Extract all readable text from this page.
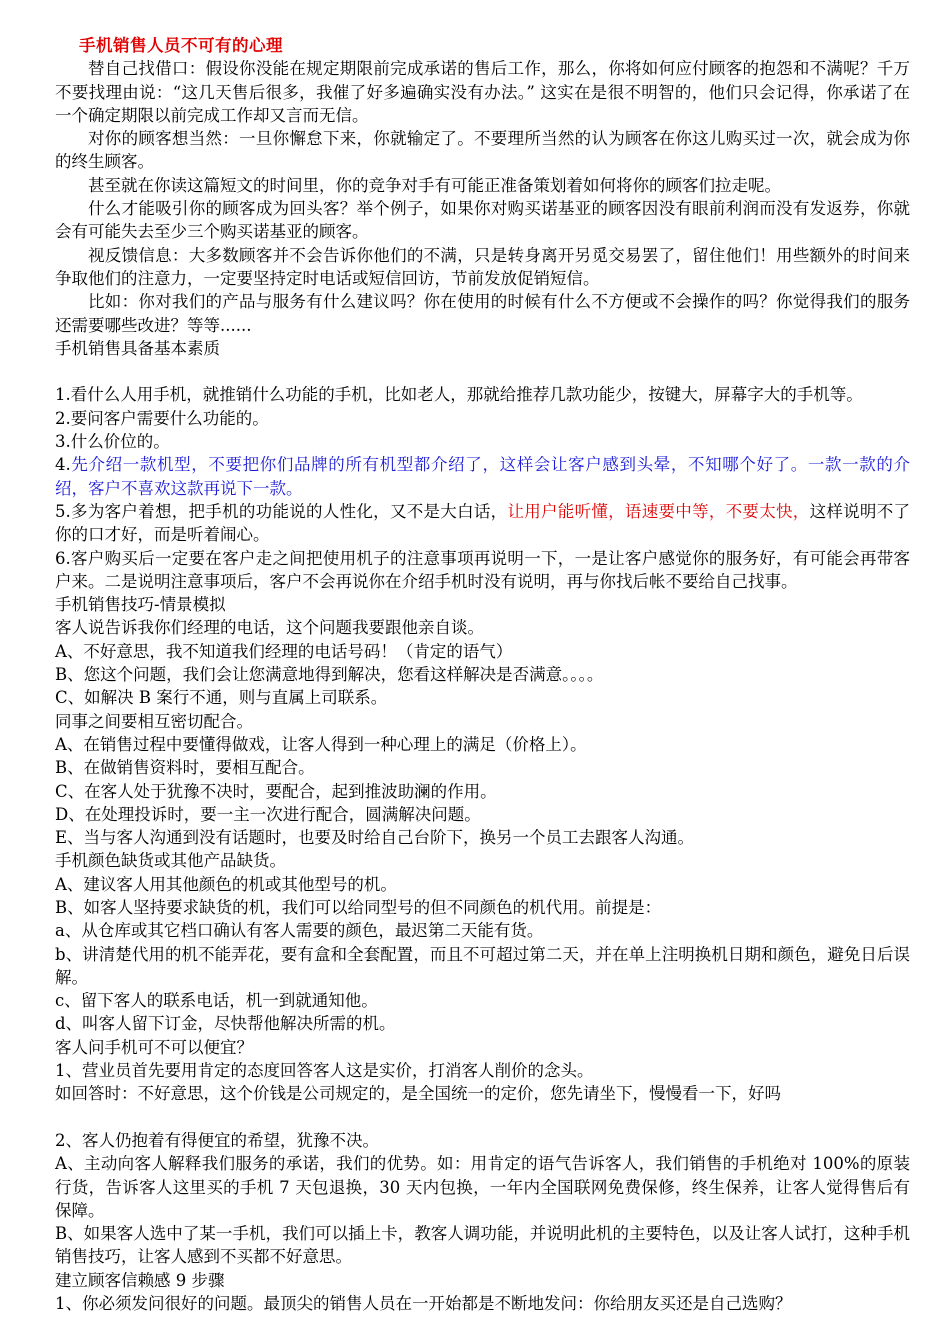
手机销售人员不可有的心理

替自己找借口：假设你没能在规定期限前完成承诺的售后工作，那么，你将如何应付顾客的抱怨和不满呢？千万不要找理由说：“这几天售后很多，我催了好多遍确实没有办法。” 这实在是很不明智的，他们只会记得，你承诺了在一个确定期限以前完成工作却又言而无信。

对你的顾客想当然：一旦你懈怠下来，你就输定了。不要理所当然的认为顾客在你这儿购买过一次，就会成为你的终生顾客。

甚至就在你读这篇短文的时间里，你的竞争对手有可能正准备策划着如何将你的顾客们拉走呢。

什么才能吸引你的顾客成为回头客？举个例子，如果你对购买诺基亚的顾客因没有眼前利润而没有发返券，你就会有可能失去至少三个购买诺基亚的顾客。

视反馈信息：大多数顾客并不会告诉你他们的不满，只是转身离开另觅交易罢了，留住他们！用些额外的时间来争取他们的注意力，一定要坚持定时电话或短信回访，节前发放促销短信。

比如：你对我们的产品与服务有什么建议吗？你在使用的时候有什么不方便或不会操作的吗？你觉得我们的服务还需要哪些改进？等等......

手机销售具备基本素质

1.看什么人用手机，就推销什么功能的手机，比如老人，那就给推荐几款功能少，按键大，屏幕字大的手机等。

2.要问客户需要什么功能的。

3.什么价位的。

4.先介绍一款机型，不要把你们品牌的所有机型都介绍了，这样会让客户感到头晕，不知哪个好了。一款一款的介绍，客户不喜欢这款再说下一款。

5.多为客户着想，把手机的功能说的人性化，又不是大白话，让用户能听懂，语速要中等，不要太快，这样说明不了你的口才好，而是听着闹心。

6.客户购买后一定要在客户走之间把使用机子的注意事项再说明一下，一是让客户感觉你的服务好，有可能会再带客户来。二是说明注意事项后，客户不会再说你在介绍手机时没有说明，再与你找后帐不要给自己找事。

手机销售技巧-情景模拟

客人说告诉我你们经理的电话，这个问题我要跟他亲自谈。

A、不好意思，我不知道我们经理的电话号码！（肯定的语气）

B、您这个问题，我们会让您满意地得到解决，您看这样解决是否满意。。。。

C、如解决 B 案行不通，则与直属上司联系。

同事之间要相互密切配合。

A、在销售过程中要懂得做戏，让客人得到一种心理上的满足（价格上）。

B、在做销售资料时，要相互配合。

C、在客人处于犹豫不决时，要配合，起到推波助澜的作用。

D、在处理投诉时，要一主一次进行配合，圆满解决问题。

E、当与客人沟通到没有话题时，也要及时给自己台阶下，换另一个员工去跟客人沟通。

手机颜色缺货或其他产品缺货。

A、建议客人用其他颜色的机或其他型号的机。

B、如客人坚持要求缺货的机，我们可以给同型号的但不同颜色的机代用。前提是：

a、从仓库或其它档口确认有客人需要的颜色，最迟第二天能有货。

b、讲清楚代用的机不能弄花，要有盒和全套配置，而且不可超过第二天，并在单上注明换机日期和颜色，避免日后误解。

c、留下客人的联系电话，机一到就通知他。

d、叫客人留下订金，尽快帮他解决所需的机。

客人问手机可不可以便宜？

1、营业员首先要用肯定的态度回答客人这是实价，打消客人削价的念头。

如回答时：不好意思，这个价钱是公司规定的，是全国统一的定价，您先请坐下，慢慢看一下，好吗

2、客人仍抱着有得便宜的希望，犹豫不决。

A、主动向客人解释我们服务的承诺，我们的优势。如：用肯定的语气告诉客人，我们销售的手机绝对 100%的原装行货，告诉客人这里买的手机 7 天包退换，30 天内包换，一年内全国联网免费保修，终生保养，让客人觉得售后有保障。

B、如果客人选中了某一手机，我们可以插上卡，教客人调功能，并说明此机的主要特色，以及让客人试打，这种手机销售技巧，让客人感到不买都不好意思。

建立顾客信赖感 9 步骤

1、你必须发问很好的问题。最顶尖的销售人员在一开始都是不断地发问：你给朋友买还是自己选购？
